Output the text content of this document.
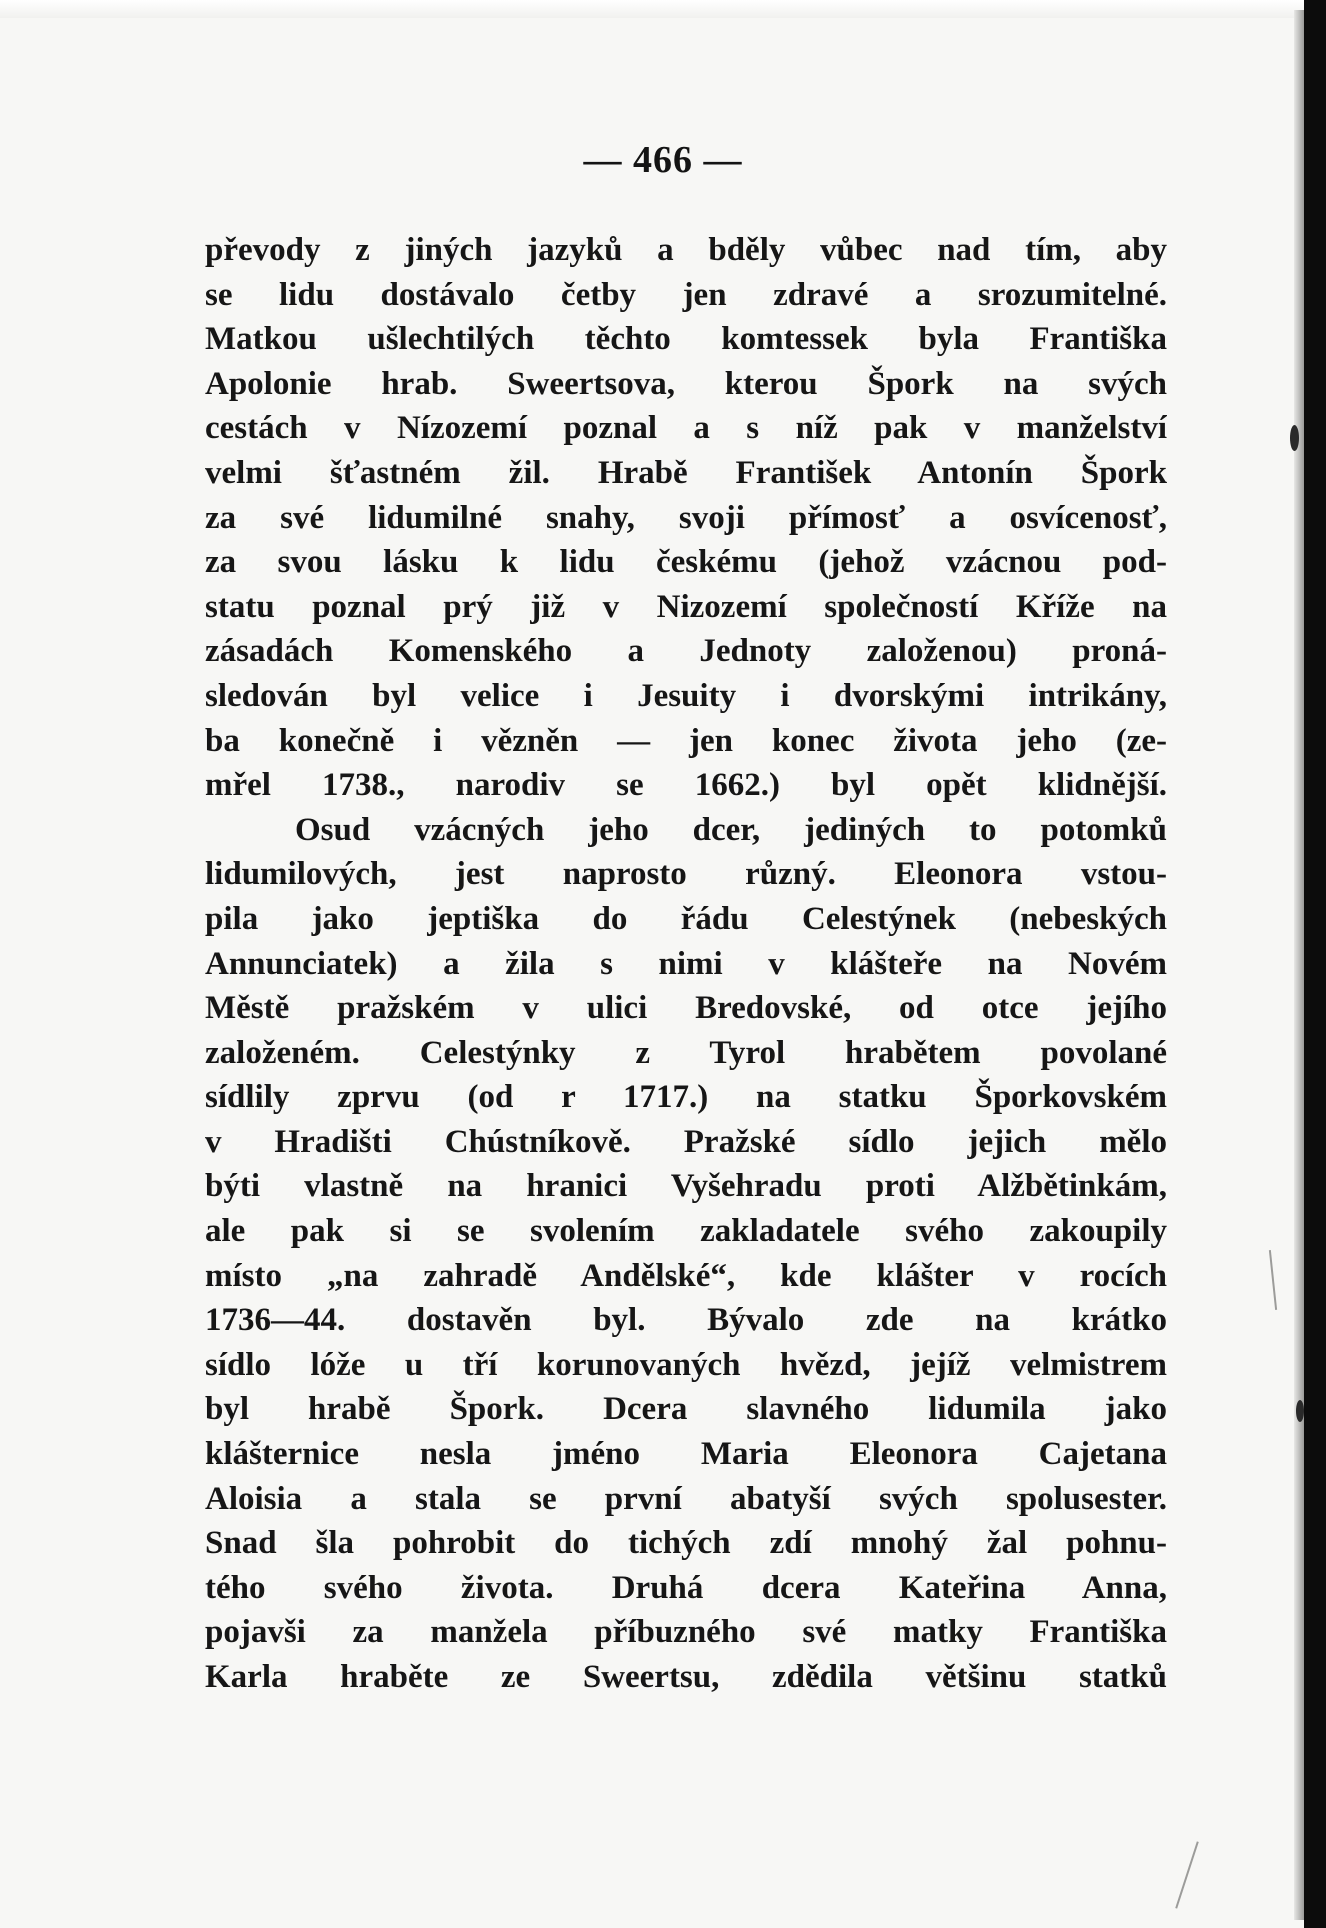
— 466 —
převody z jiných jazyků a bděly vůbec nad tím, aby
se lidu dostávalo četby jen zdravé a srozumitelné.
Matkou ušlechtilých těchto komtessek byla Františka
Apolonie hrab. Sweertsova, kterou Špork na svých
cestách v Nízozemí poznal a s níž pak v manželství
velmi šťastném žil. Hrabě František Antonín Špork
za své lidumilné snahy, svoji přímosť a osvícenosť,
za svou lásku k lidu českému (jehož vzácnou pod-
statu poznal prý již v Nizozemí společností Kříže na
zásadách Komenského a Jednoty založenou) proná-
sledován byl velice i Jesuity i dvorskými intrikány,
ba konečně i vězněn — jen konec života jeho (ze-
mřel 1738., narodiv se 1662.) byl opět klidnější.
Osud vzácných jeho dcer, jediných to potomků
lidumilových, jest naprosto různý. Eleonora vstou-
pila jako jeptiška do řádu Celestýnek (nebeských
Annunciatek) a žila s nimi v klášteře na Novém
Městě pražském v ulici Bredovské, od otce jejího
založeném. Celestýnky z Tyrol hrabětem povolané
sídlily zprvu (od r 1717.) na statku Šporkovském
v Hradišti Chústníkově. Pražské sídlo jejich mělo
býti vlastně na hranici Vyšehradu proti Alžbětinkám,
ale pak si se svolením zakladatele svého zakoupily
místo „na zahradě Andělské“, kde klášter v rocích
1736—44. dostavěn byl. Bývalo zde na krátko
sídlo lóže u tří korunovaných hvězd, jejíž velmistrem
byl hrabě Špork. Dcera slavného lidumila jako
klášternice nesla jméno Maria Eleonora Cajetana
Aloisia a stala se první abatyší svých spolusester.
Snad šla pohrobit do tichých zdí mnohý žal pohnu-
tého svého života. Druhá dcera Kateřina Anna,
pojavši za manžela příbuzného své matky Františka
Karla hraběte ze Sweertsu, zdědila většinu statků
